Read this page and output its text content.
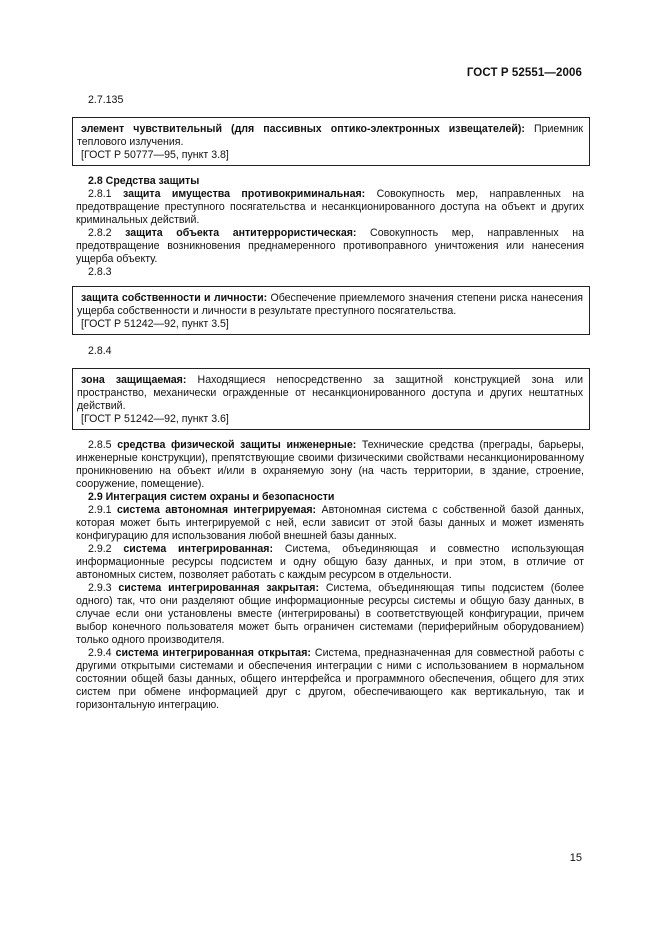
ГОСТ Р 52551—2006

2.7.135

элемент чувствительный (для пассивных оптико-электронных извещателей): Приемник теплового излучения.

[ГОСТ Р 50777—95, пункт 3.8]

2.8 Средства защиты

2.8.1 защита имущества противокриминальная: Совокупность мер, направленных на предотвращение преступного посягательства и несанкционированного доступа на объект и других криминальных действий.

2.8.2 защита объекта антитеррористическая: Совокупность мер, направленных на предотвращение возникновения преднамеренного противоправного уничтожения или нанесения ущерба объекту.

2.8.3

защита собственности и личности: Обеспечение приемлемого значения степени риска нанесения ущерба собственности и личности в результате преступного посягательства.

[ГОСТ Р 51242—92, пункт 3.5]

2.8.4

зона защищаемая: Находящиеся непосредственно за защитной конструкцией зона или пространство, механически огражденные от несанкционированного доступа и других нештатных действий.

[ГОСТ Р 51242—92, пункт 3.6]

2.8.5 средства физической защиты инженерные: Технические средства (преграды, барьеры, инженерные конструкции), препятствующие своими физическими свойствами несанкционированному проникновению на объект и/или в охраняемую зону (на часть территории, в здание, строение, сооружение, помещение).

2.9 Интеграция систем охраны и безопасности

2.9.1 система автономная интегрируемая: Автономная система с собственной базой данных, которая может быть интегрируемой с ней, если зависит от этой базы данных и может изменять конфигурацию для использования любой внешней базы данных.

2.9.2 система интегрированная: Система, объединяющая и совместно использующая информационные ресурсы подсистем и одну общую базу данных, и при этом, в отличие от автономных систем, позволяет работать с каждым ресурсом в отдельности.

2.9.3 система интегрированная закрытая: Система, объединяющая типы подсистем (более одного) так, что они разделяют общие информационные ресурсы системы и общую базу данных, в случае если они установлены вместе (интегрированы) в соответствующей конфигурации, причем выбор конечного пользователя может быть ограничен системами (периферийным оборудованием) только одного производителя.

2.9.4 система интегрированная открытая: Система, предназначенная для совместной работы с другими открытыми системами и обеспечения интеграции с ними с использованием в нормальном состоянии общей базы данных, общего интерфейса и программного обеспечения, общего для этих систем при обмене информацией друг с другом, обеспечивающего как вертикальную, так и горизонтальную интеграцию.

15
